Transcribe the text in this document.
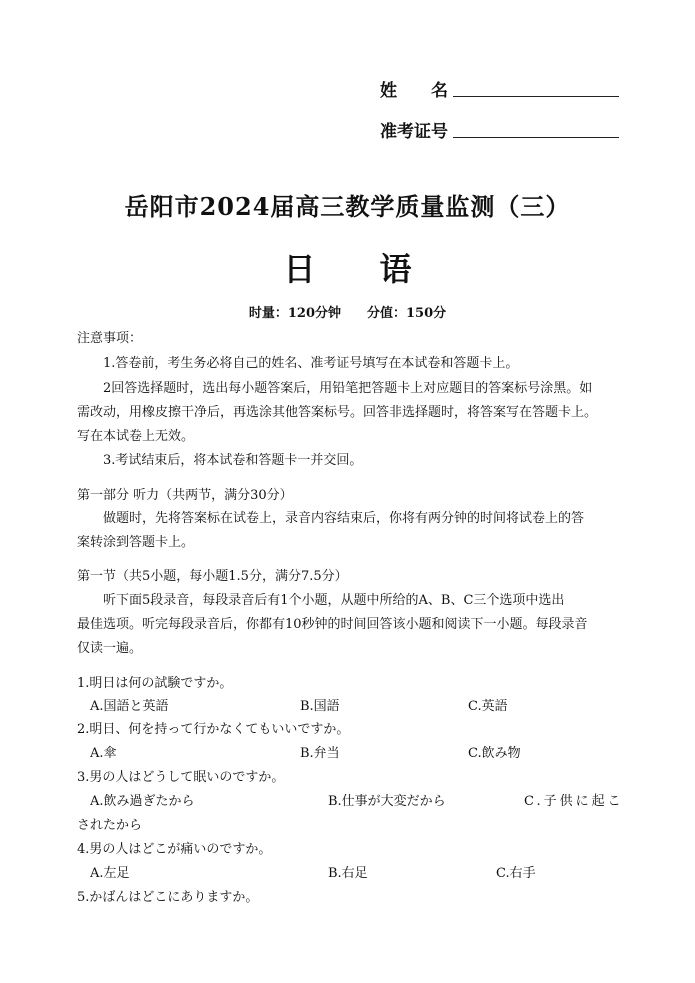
姓　　名
准考证号
岳阳市2024届高三教学质量监测（三）
日　　语
时量：120分钟　　分值：150分
注意事项：
1.答卷前，考生务必将自己的姓名、准考证号填写在本试卷和答题卡上。
2回答选择题时，选出每小题答案后，用铅笔把答题卡上对应题目的答案标号涂黑。如
需改动，用橡皮擦干净后，再选涂其他答案标号。回答非选择题时，将答案写在答题卡上。
写在本试卷上无效。
3.考试结束后，将本试卷和答题卡一并交回。
第一部分 听力（共两节，满分30分）
做题时，先将答案标在试卷上，录音内容结束后，你将有两分钟的时间将试卷上的答
案转涂到答题卡上。
第一节（共5小题，每小题1.5分，满分7.5分）
听下面5段录音，每段录音后有1个小题，从题中所给的A、B、C三个选项中选出
最佳选项。听完每段录音后，你都有10秒钟的时间回答该小题和阅读下一小题。每段录音
仅读一遍。
1.明日は何の試験ですか。
A.国語と英語	B.国語	C.英語
2.明日、何を持って行かなくてもいいですか。
A.傘	B.弁当	C.飲み物
3.男の人はどうして眠いのですか。
A.飲み過ぎたから	B.仕事が大変だから	C.子供に起こ
されたから
4.男の人はどこが痛いのですか。
A.左足	B.右足	C.右手
5.かばんはどこにありますか。
